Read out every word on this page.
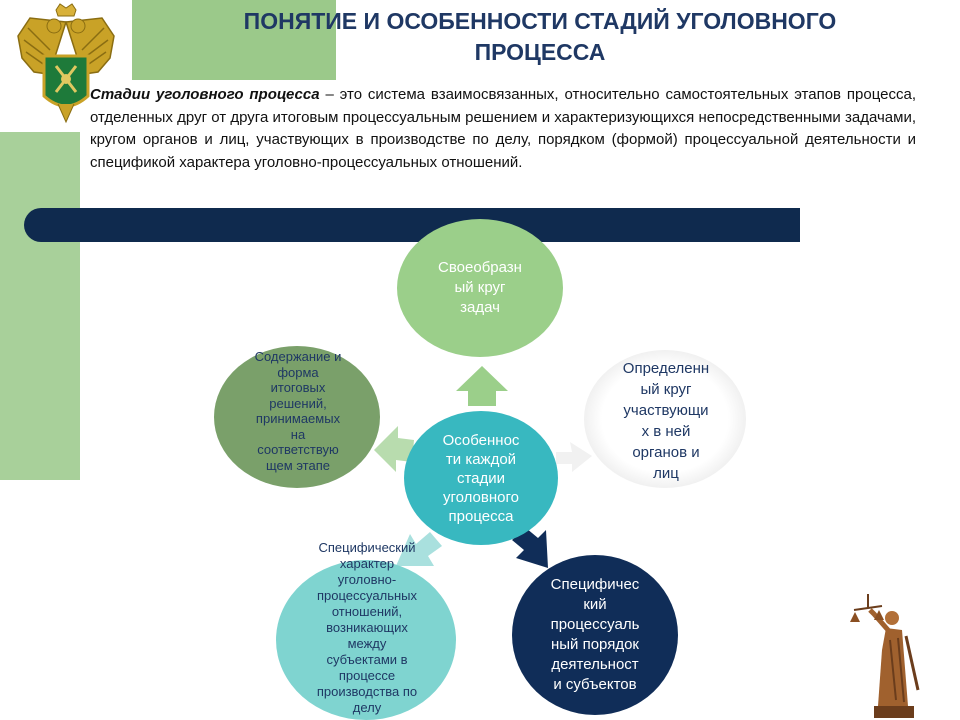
ПОНЯТИЕ И ОСОБЕННОСТИ СТАДИЙ УГОЛОВНОГО
ПРОЦЕССА
Стадии уголовного процесса – это система взаимосвязанных, относительно самостоятельных этапов процесса, отделенных друг от друга итоговым процессуальным решением и характеризующихся непосредственными задачами, кругом органов и лиц, участвующих в производстве по делу, порядком (формой) процессуальной деятельности и спецификой характера уголовно-процессуальных отношений.
Своеобразн
ый круг
задач
Содержание и
форма
итоговых
решений,
принимаемых
на
соответствую
щем этапе
Определенн
ый круг
участвующи
х в ней
органов и
лиц
Особеннос
ти каждой
стадии
уголовного
процесса
Специфический
характер
уголовно-
процессуальных
отношений,
возникающих
между
субъектами в
процессе
производства по
делу
Специфичес
кий
процессуаль
ный порядок
деятельност
и субъектов
